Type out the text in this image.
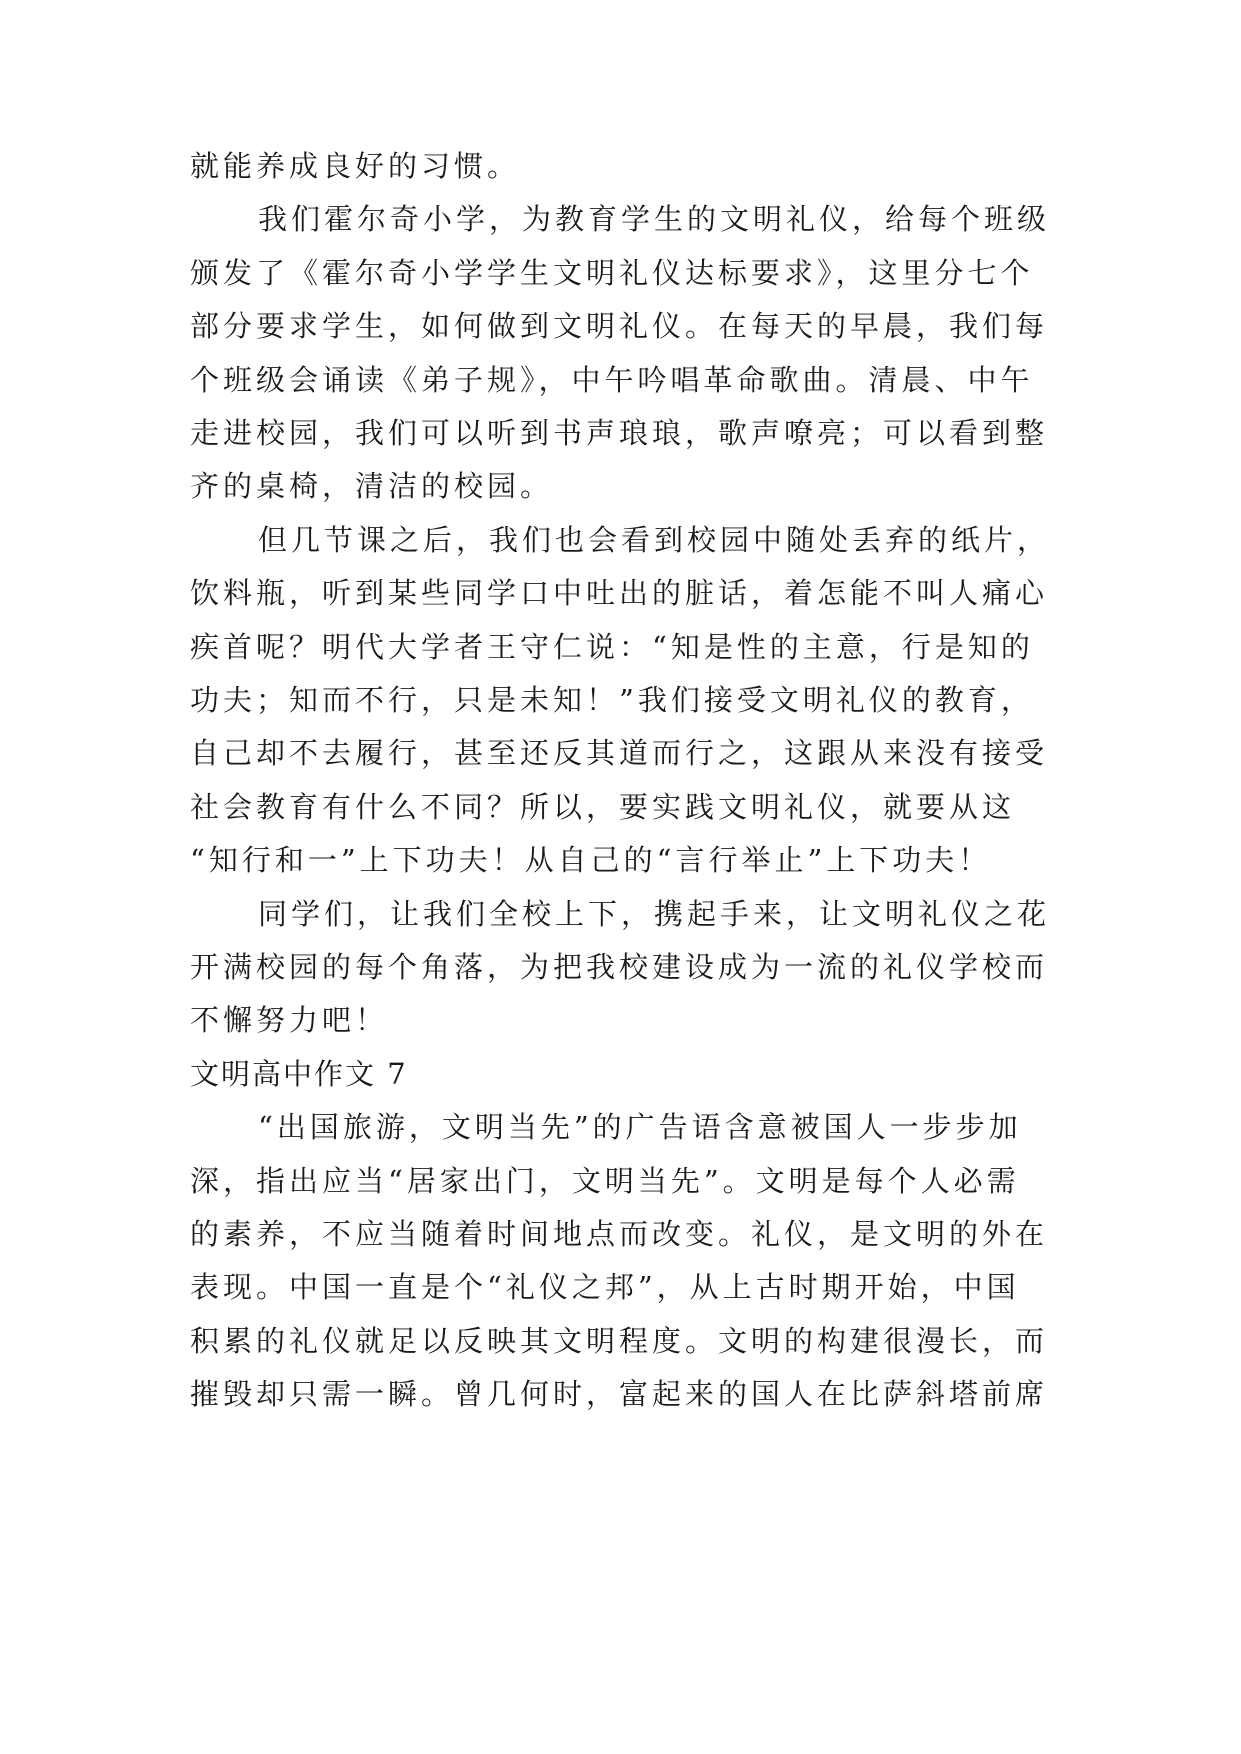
就能养成良好的习惯。
我们霍尔奇小学，为教育学生的文明礼仪，给每个班级
颁发了《霍尔奇小学学生文明礼仪达标要求》，这里分七个
部分要求学生，如何做到文明礼仪。在每天的早晨，我们每
个班级会诵读《弟子规》，中午吟唱革命歌曲。清晨、中午
走进校园，我们可以听到书声琅琅，歌声嘹亮；可以看到整
齐的桌椅，清洁的校园。
但几节课之后，我们也会看到校园中随处丢弃的纸片，
饮料瓶，听到某些同学口中吐出的脏话，着怎能不叫人痛心
疾首呢？明代大学者王守仁说：“知是性的主意，行是知的
功夫；知而不行，只是未知！”我们接受文明礼仪的教育，
自己却不去履行，甚至还反其道而行之，这跟从来没有接受
社会教育有什么不同？所以，要实践文明礼仪，就要从这
“知行和一”上下功夫！从自己的“言行举止”上下功夫！
同学们，让我们全校上下，携起手来，让文明礼仪之花
开满校园的每个角落，为把我校建设成为一流的礼仪学校而
不懈努力吧！
文明高中作文 7
“出国旅游，文明当先”的广告语含意被国人一步步加
深，指出应当“居家出门，文明当先”。文明是每个人必需
的素养，不应当随着时间地点而改变。礼仪，是文明的外在
表现。中国一直是个“礼仪之邦”，从上古时期开始，中国
积累的礼仪就足以反映其文明程度。文明的构建很漫长，而
摧毁却只需一瞬。曾几何时，富起来的国人在比萨斜塔前席
